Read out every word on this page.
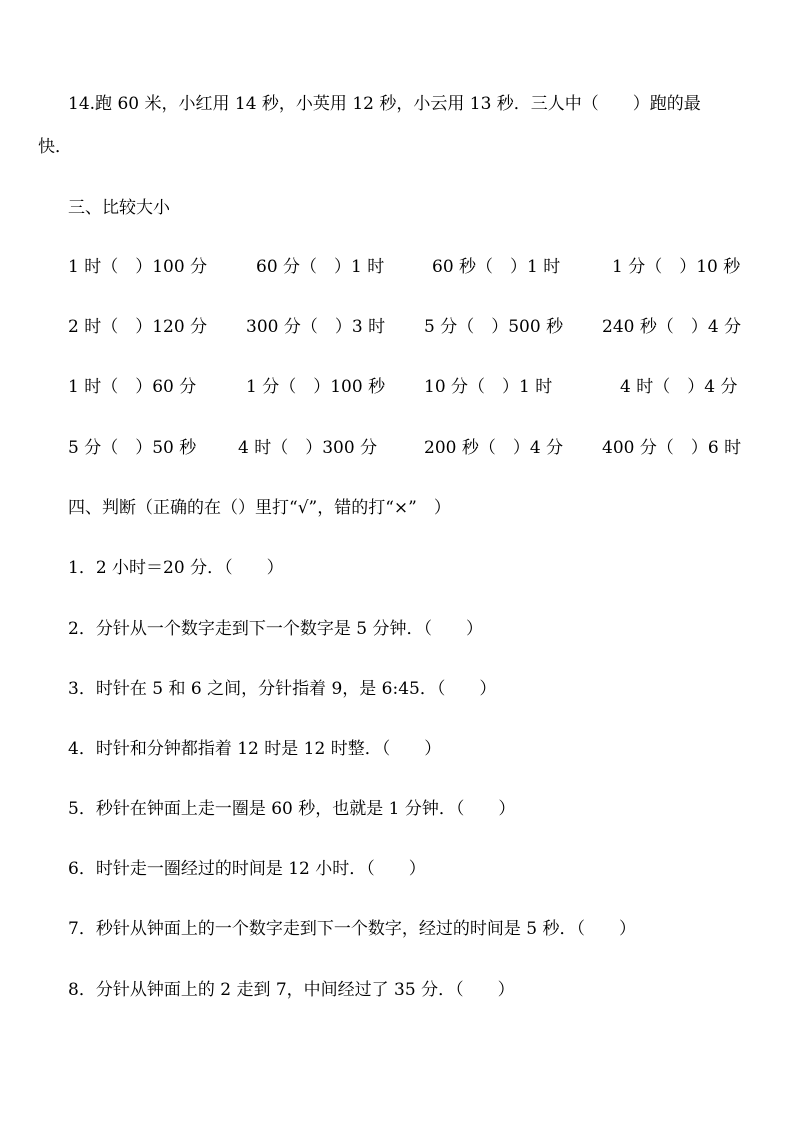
14.跑 60 米，小红用 14 秒，小英用 12 秒，小云用 13 秒．三人中（　　）跑的最
快．
三、比较大小
1 时（　）100 分	60 分（　）1 时	60 秒（　）1 时	1 分（　）10 秒
2 时（　）120 分 300 分（　）3 时 5 分（　）500 秒 240 秒（　）4 分
1 时（　）60 分	1 分（　）100 秒 10 分（　）1 时	4 时（　）4 分
5 分（　）50 秒 4 时（　）300 分	200 秒（　）4 分 400 分（　）6 时
四、判断（正确的在（）里打“√”，错的打“×”　）
1．2 小时＝20 分．（　　）
2．分针从一个数字走到下一个数字是 5 分钟．（　　）
3．时针在 5 和 6 之间，分针指着 9，是 6:45．（　　）
4．时针和分钟都指着 12 时是 12 时整．（　　）
5．秒针在钟面上走一圈是 60 秒，也就是 1 分钟．（　　）
6．时针走一圈经过的时间是 12 小时．（　　）
7．秒针从钟面上的一个数字走到下一个数字，经过的时间是 5 秒．（　　）
8．分针从钟面上的 2 走到 7，中间经过了 35 分．（　　）
